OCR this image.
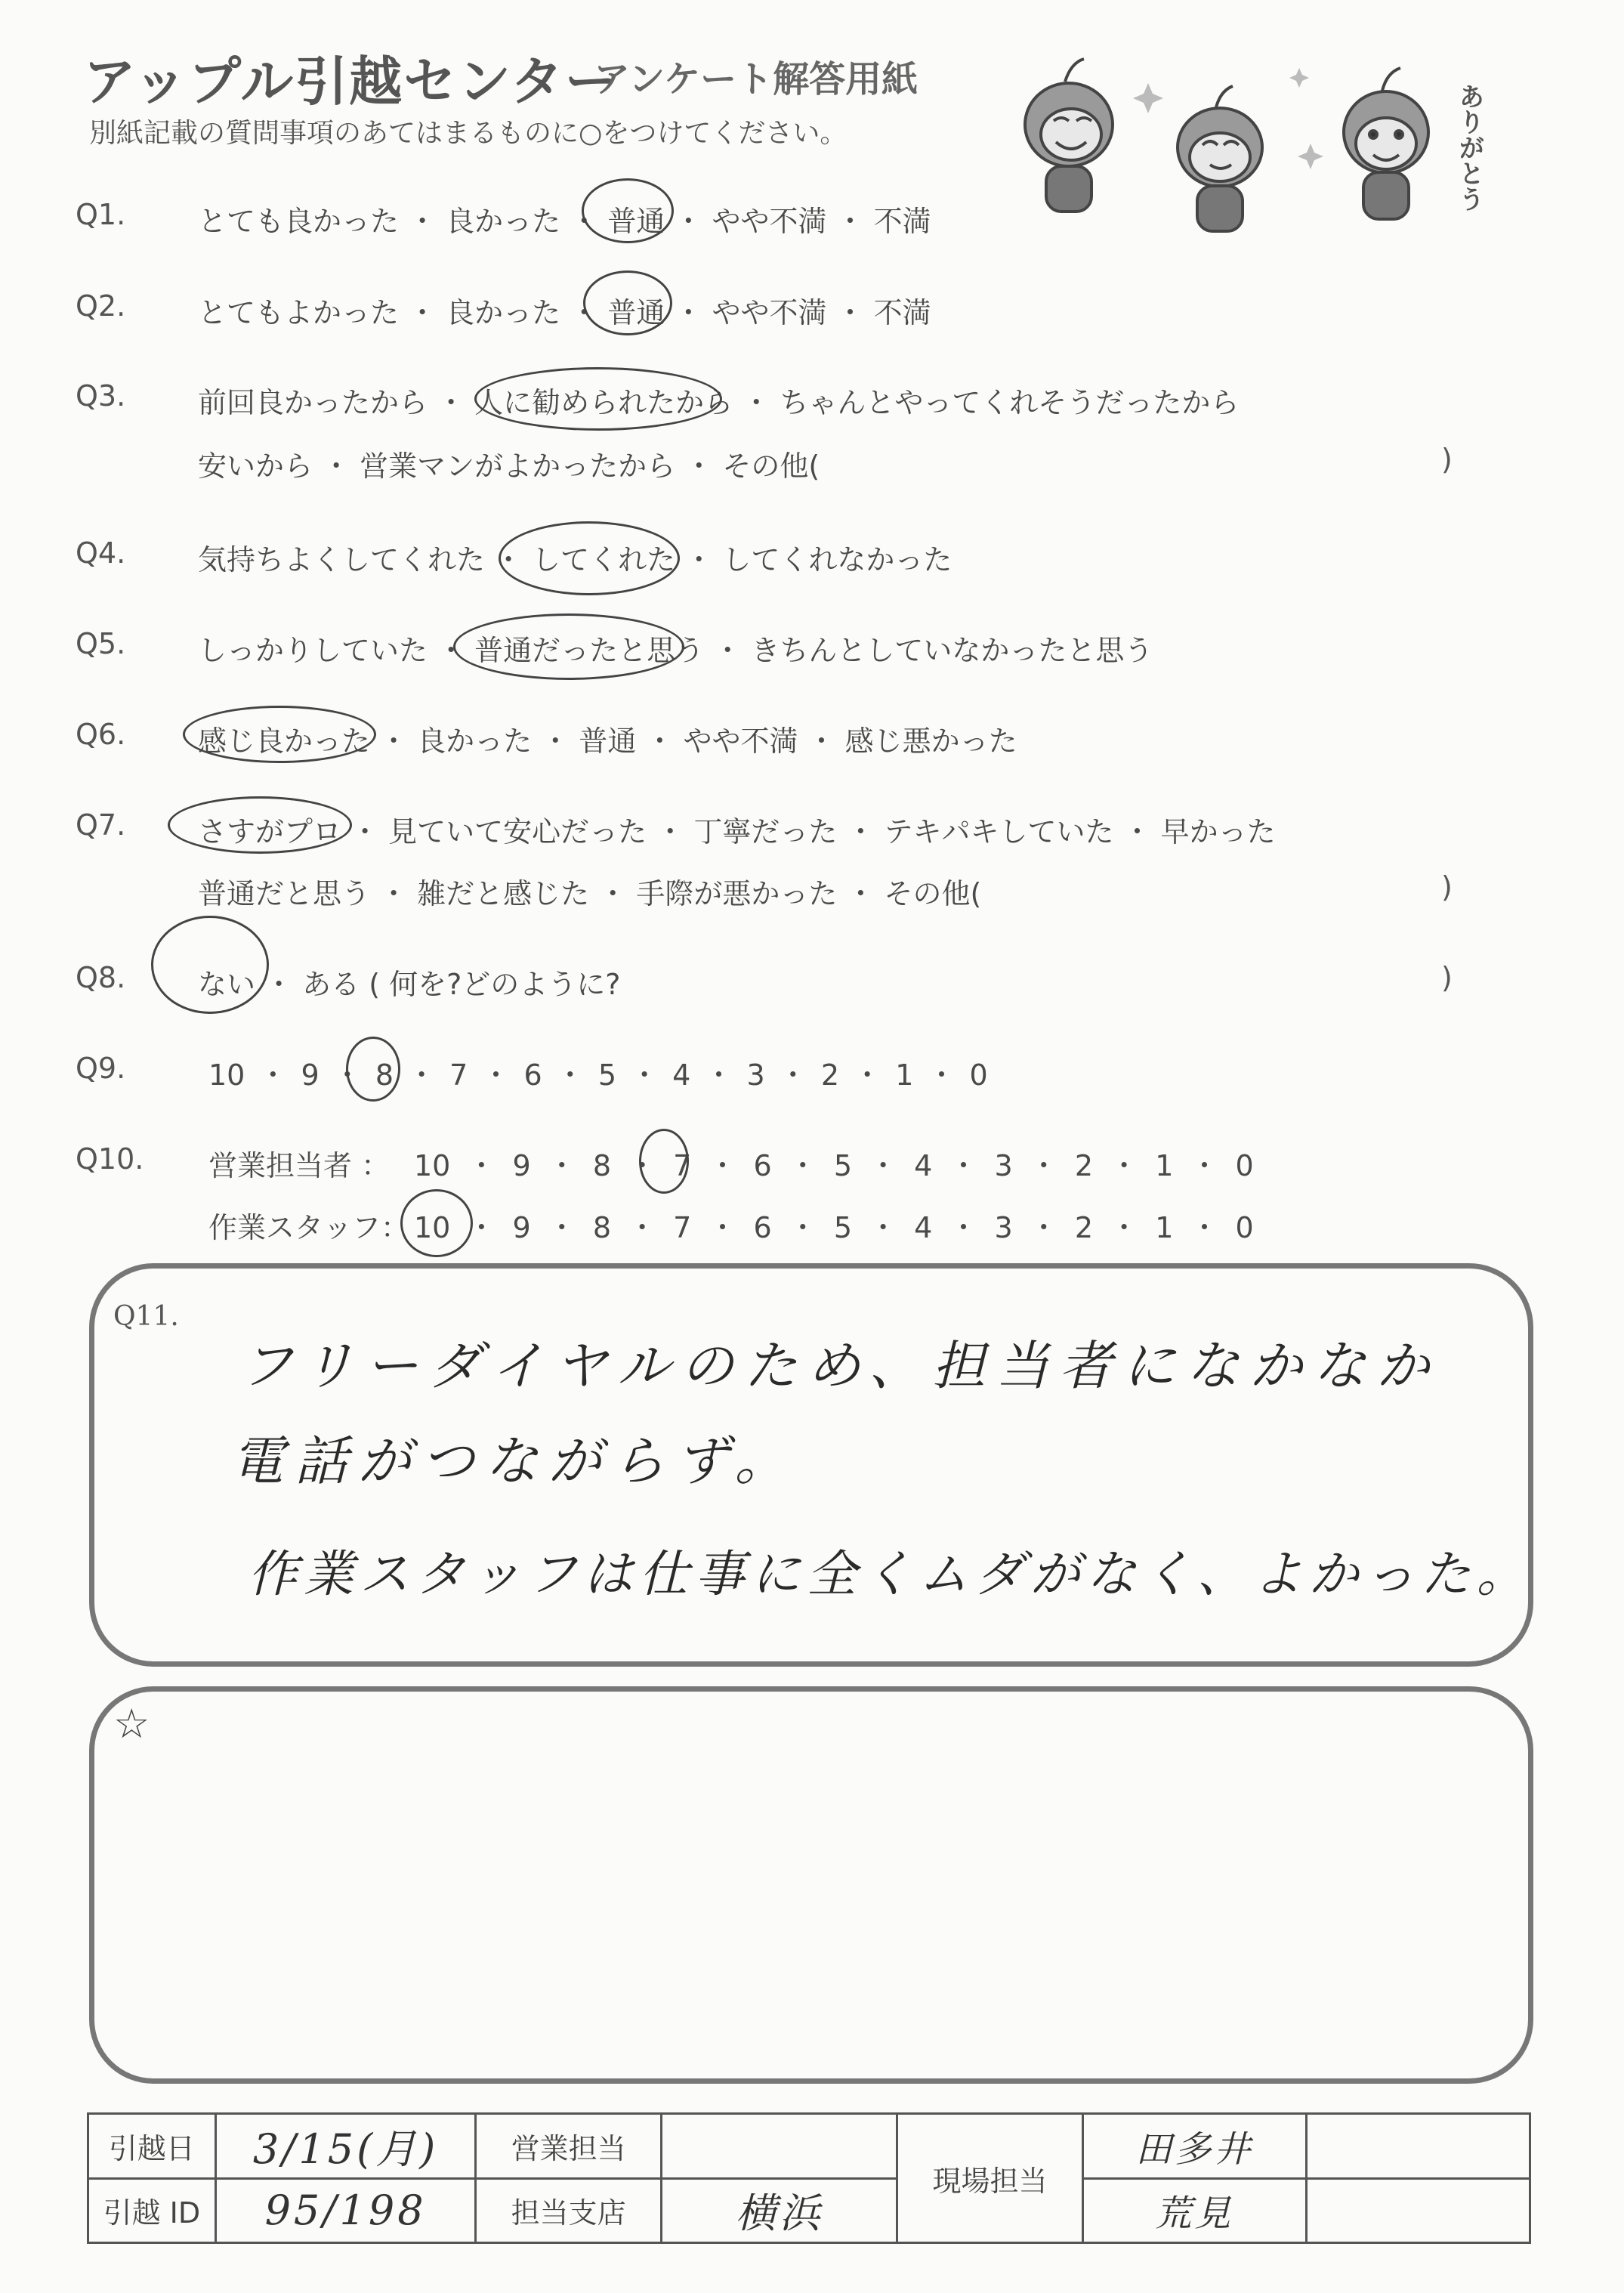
アップル引越センター
アンケート解答用紙
別紙記載の質問事項のあてはまるものに○をつけてください。	ありがとう
Q1.	とても良かった ・ 良かった ・ 普通 ・ やや不満 ・ 不満
Q2.	とてもよかった ・ 良かった ・ 普通 ・ やや不満 ・ 不満
Q3.	前回良かったから ・ 人に勧められたから ・ ちゃんとやってくれそうだったから
安いから ・ 営業マンがよかったから ・ その他(	)
Q4.	気持ちよくしてくれた ・ してくれた ・ してくれなかった
Q5.	しっかりしていた ・ 普通だったと思う ・ きちんとしていなかったと思う
Q6.	感じ良かった ・ 良かった ・ 普通 ・ やや不満 ・ 感じ悪かった
Q7.	さすがプロ ・ 見ていて安心だった ・ 丁寧だった ・ テキパキしていた ・ 早かった
普通だと思う ・ 雑だと感じた ・ 手際が悪かった ・ その他(	)
Q8.	ない ・ ある ( 何を?どのように?	)
Q9.	10 ・ 9 ・ 8 ・ 7 ・ 6 ・ 5 ・ 4 ・ 3 ・ 2 ・ 1 ・ 0
Q10. 営業担当者 ： 10 ・ 9 ・ 8 ・ 7 ・ 6 ・ 5 ・ 4 ・ 3 ・ 2 ・ 1 ・ 0
作業スタッフ： 10 ・ 9 ・ 8 ・ 7 ・ 6 ・ 5 ・ 4 ・ 3 ・ 2 ・ 1 ・ 0
Q11.
フリーダイヤルのため、担当者になかなか
電話がつながらず。
作業スタッフは仕事に全くムダがなく、よかった。
☆
引越日	3/15(月)	営業担当		現場担当	田多井	
引越 ID	95/198	担当支店	横浜		荒見	
